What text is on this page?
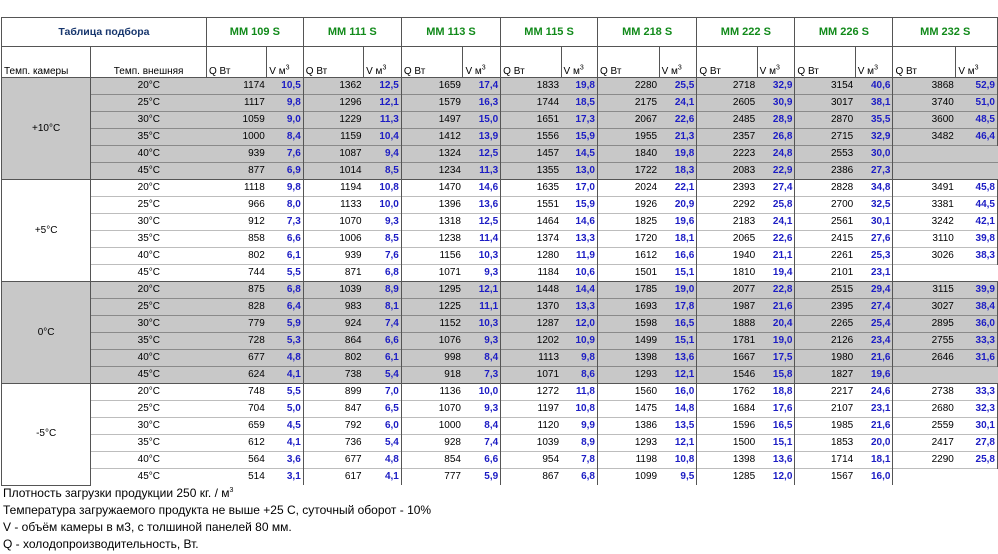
Таблица подбора		MM 109 S		MM 111 S		MM 113 S		MM 115 S		MM 218 S		MM 222 S		MM 226 S		MM 232 S	
Темп. камеры	Темп. внешняя	Q Вт	V $м^3$	Q Вт	V $м^3$	Q Вт	V $м^3$	Q Вт	V $м^3$	Q Вт	V $м^3$	Q Вт	V $м^3$	Q Вт	V $м^3$	Q Вт	V $м^3$
+10°C	20°C	1174	10,5	1362	12,5	1659	17,4	1833	19,8	2280	25,5	2718	32,9	3154	40,6	3868	52,9
	25°C	1117	9,8	1296	12,1	1579	16,3	1744	18,5	2175	24,1	2605	30,9	3017	38,1	3740	51,0
	30°C	1059	9,0	1229	11,3	1497	15,0	1651	17,3	2067	22,6	2485	28,9	2870	35,5	3600	48,5
	35°C	1000	8,4	1159	10,4	1412	13,9	1556	15,9	1955	21,3	2357	26,8	2715	32,9	3482	46,4
	40°C	939	7,6	1087	9,4	1324	12,5	1457	14,5	1840	19,8	2223	24,8	2553	30,0		
	45°C	877	6,9	1014	8,5	1234	11,3	1355	13,0	1722	18,3	2083	22,9	2386	27,3		
+5°C	20°C	1118	9,8	1194	10,8	1470	14,6	1635	17,0	2024	22,1	2393	27,4	2828	34,8	3491	45,8
	25°C	966	8,0	1133	10,0	1396	13,6	1551	15,9	1926	20,9	2292	25,8	2700	32,5	3381	44,5
	30°C	912	7,3	1070	9,3	1318	12,5	1464	14,6	1825	19,6	2183	24,1	2561	30,1	3242	42,1
	35°C	858	6,6	1006	8,5	1238	11,4	1374	13,3	1720	18,1	2065	22,6	2415	27,6	3110	39,8
	40°C	802	6,1	939	7,6	1156	10,3	1280	11,9	1612	16,6	1940	21,1	2261	25,3	3026	38,3
	45°C	744	5,5	871	6,8	1071	9,3	1184	10,6	1501	15,1	1810	19,4	2101	23,1		
0°C	20°C	875	6,8	1039	8,9	1295	12,1	1448	14,4	1785	19,0	2077	22,8	2515	29,4	3115	39,9
	25°C	828	6,4	983	8,1	1225	11,1	1370	13,3	1693	17,8	1987	21,6	2395	27,4	3027	38,4
	30°C	779	5,9	924	7,4	1152	10,3	1287	12,0	1598	16,5	1888	20,4	2265	25,4	2895	36,0
	35°C	728	5,3	864	6,6	1076	9,3	1202	10,9	1499	15,1	1781	19,0	2126	23,4	2755	33,3
	40°C	677	4,8	802	6,1	998	8,4	1113	9,8	1398	13,6	1667	17,5	1980	21,6	2646	31,6
	45°C	624	4,1	738	5,4	918	7,3	1071	8,6	1293	12,1	1546	15,8	1827	19,6		
-5°C	20°C	748	5,5	899	7,0	1136	10,0	1272	11,8	1560	16,0	1762	18,8	2217	24,6	2738	33,3
	25°C	704	5,0	847	6,5	1070	9,3	1197	10,8	1475	14,8	1684	17,6	2107	23,1	2680	32,3
	30°C	659	4,5	792	6,0	1000	8,4	1120	9,9	1386	13,5	1596	16,5	1985	21,6	2559	30,1
	35°C	612	4,1	736	5,4	928	7,4	1039	8,9	1293	12,1	1500	15,1	1853	20,0	2417	27,8
	40°C	564	3,6	677	4,8	854	6,6	954	7,8	1198	10,8	1398	13,6	1714	18,1	2290	25,8
	45°C	514	3,1	617	4,1	777	5,9	867	6,8	1099	9,5	1285	12,0	1567	16,0		
Плотность загрузки продукции 250 кг. / $м^3$
Температура загружаемого продукта не выше +25 С, суточный оборот - 10%
V - объём камеры в м3, с толшиной панелей 80 мм.
Q - холодопроизводительность, Вт.
